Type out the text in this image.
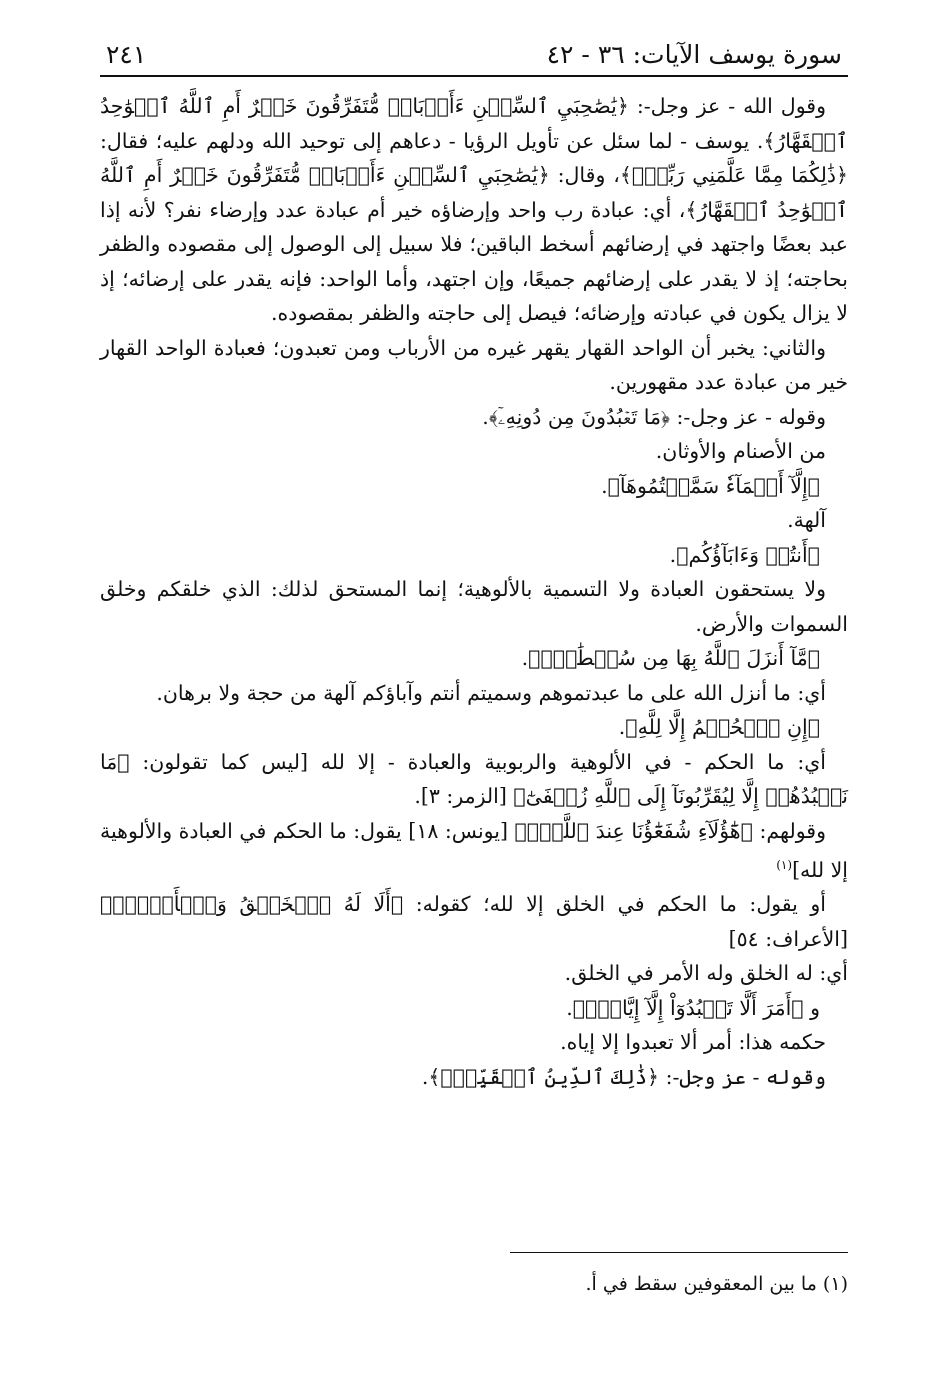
سورة يوسف الآيات: ٣٦ - ٤٢
٢٤١

وقول الله - عز وجل-: ﴿يَٰصَٰحِبَيِ ٱلسِّجۡنِ ءَأَرۡبَابٞ مُّتَفَرِّقُونَ خَيۡرٌ أَمِ ٱللَّهُ ٱلۡوَٰحِدُ ٱلۡقَهَّارُ﴾. يوسف - لما سئل عن تأويل الرؤيا - دعاهم إلى توحيد الله ودلهم عليه؛ فقال: ﴿ذَٰلِكُمَا مِمَّا عَلَّمَنِي رَبِّيٓۚ﴾، وقال: ﴿يَٰصَٰحِبَيِ ٱلسِّجۡنِ ءَأَرۡبَابٞ مُّتَفَرِّقُونَ خَيۡرٌ أَمِ ٱللَّهُ ٱلۡوَٰحِدُ ٱلۡقَهَّارُ﴾، أي: عبادة رب واحد وإرضاؤه خير أم عبادة عدد وإرضاء نفر؟ لأنه إذا عبد بعضًا واجتهد في إرضائهم أسخط الباقين؛ فلا سبيل إلى الوصول إلى مقصوده والظفر بحاجته؛ إذ لا يقدر على إرضائهم جميعًا، وإن اجتهد، وأما الواحد: فإنه يقدر على إرضائه؛ إذ لا يزال يكون في عبادته وإرضائه؛ فيصل إلى حاجته والظفر بمقصوده.

والثاني: يخبر أن الواحد القهار يقهر غيره من الأرباب ومن تعبدون؛ فعبادة الواحد القهار خير من عبادة عدد مقهورين.

وقوله - عز وجل-: ﴿مَا تَعۡبُدُونَ مِن دُونِهِۦٓ﴾.

من الأصنام والأوثان.

﴿إِلَّآ أَسۡمَآءٗ سَمَّيۡتُمُوهَآ﴾.

آلهة.

﴿أَنتُمۡ وَءَابَآؤُكُم﴾.

ولا يستحقون العبادة ولا التسمية بالألوهية؛ إنما المستحق لذلك: الذي خلقكم وخلق السموات والأرض.

﴿مَّآ أَنزَلَ ٱللَّهُ بِهَا مِن سُلۡطَٰنٍۚ﴾.

أي: ما أنزل الله على ما عبدتموهم وسميتم أنتم وآباؤكم آلهة من حجة ولا برهان.

﴿إِنِ ٱلۡحُكۡمُ إِلَّا لِلَّهِ﴾.

أي: ما الحكم - في الألوهية والربوبية والعبادة - إلا لله [ليس كما تقولون: ﴿مَا نَعۡبُدُهُمۡ إِلَّا لِيُقَرِّبُونَآ إِلَى ٱللَّهِ زُلۡفَىٰٓ﴾ [الزمر: ٣].

وقولهم: ﴿هَٰٓؤُلَآءِ شُفَعَٰٓؤُنَا عِندَ ٱللَّهِۚ﴾ [يونس: ١٨] يقول: ما الحكم في العبادة والألوهية إلا لله]$^{(١)}$

أو يقول: ما الحكم في الخلق إلا لله؛ كقوله: ﴿أَلَا لَهُ ٱلۡخَلۡقُ وَٱلۡأَمۡرُۗ﴾ [الأعراف: ٥٤]

أي: له الخلق وله الأمر في الخلق.

و ﴿أَمَرَ أَلَّا تَعۡبُدُوٓاْ إِلَّآ إِيَّاهُۚ﴾.

حكمه هذا: أمر ألا تعبدوا إلا إياه.

وقوله - عز وجل-: ﴿ذَٰلِكَ ٱلدِّينُ ٱلۡقَيِّمُۚ﴾.

(١) ما بين المعقوفين سقط في أ.
